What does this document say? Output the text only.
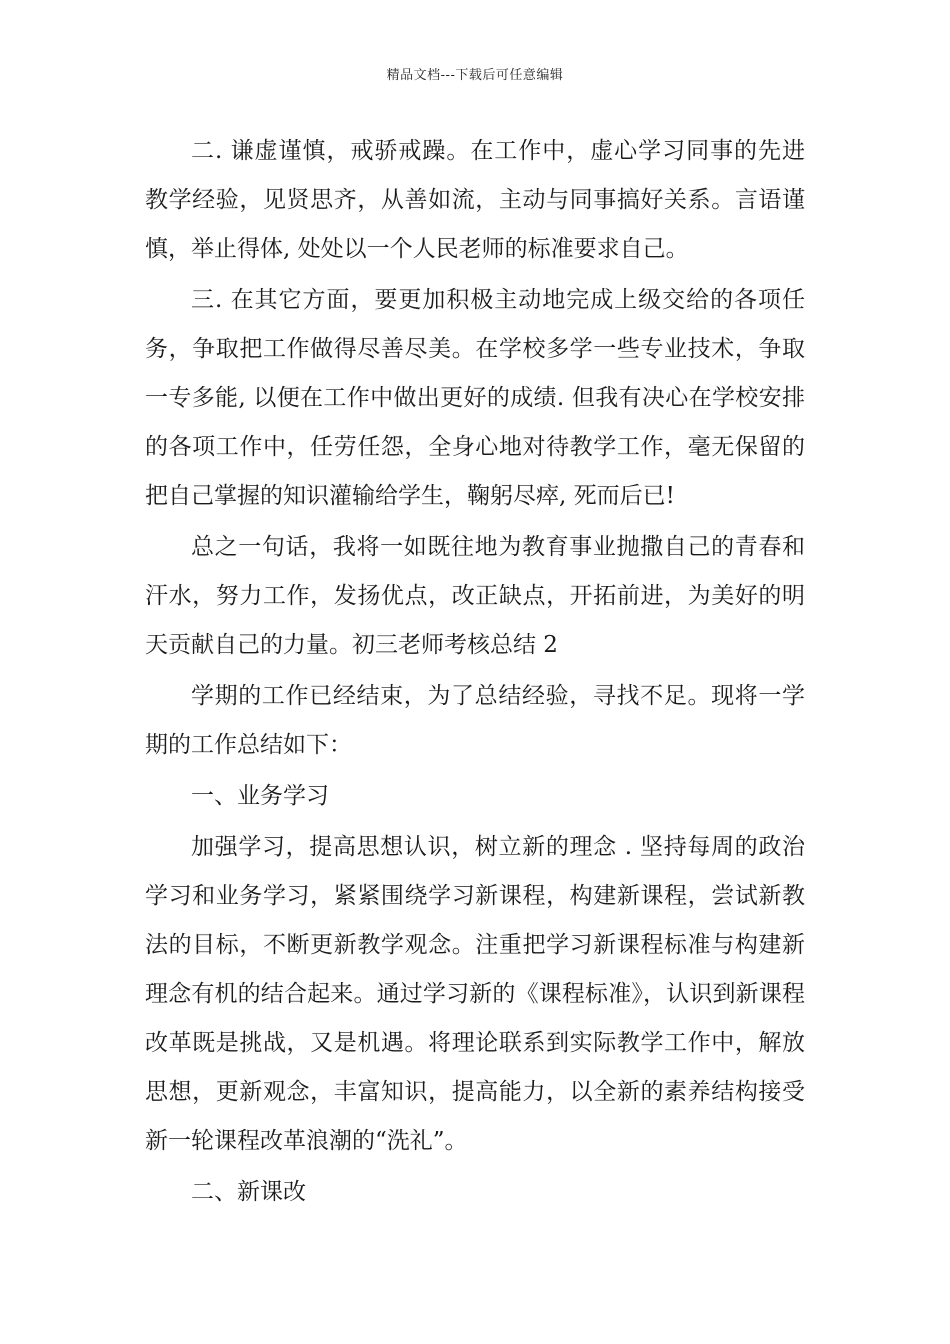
精品文档---下载后可任意编辑

二. 谦虚谨慎，戒骄戒躁。在工作中，虚心学习同事的先进 教学经验，见贤思齐，从善如流，主动与同事搞好关系。言语谨慎，举止得体, 处处以一个人民老师的标准要求自己。

三. 在其它方面，要更加积极主动地完成上级交给的各项任务，争取把工作做得尽善尽美。在学校多学一些专业技术，争取一专多能, 以便在工作中做出更好的成绩. 但我有决心在学校安排的各项工作中，任劳任怨，全身心地对待教学工作，毫无保留的把自己掌握的知识灌输给学生，鞠躬尽瘁, 死而后已!

总之一句话，我将一如既往地为教育事业抛撒自己的青春和汗水，努力工作，发扬优点，改正缺点，开拓前进，为美好的明天贡献自己的力量。初三老师考核总结 2

学期的工作已经结束，为了总结经验，寻找不足。现将一学期的工作总结如下：

一、业务学习

加强学习，提高思想认识，树立新的理念 . 坚持每周的政治学习和业务学习，紧紧围绕学习新课程，构建新课程，尝试新教法的目标，不断更新教学观念。注重把学习新课程标准与构建新理念有机的结合起来。通过学习新的《课程标准》，认识到新课程改革既是挑战，又是机遇。将理论联系到实际教学工作中，解放思想，更新观念，丰富知识，提高能力，以全新的素养结构接受新一轮课程改革浪潮的“洗礼”。

二、新课改
